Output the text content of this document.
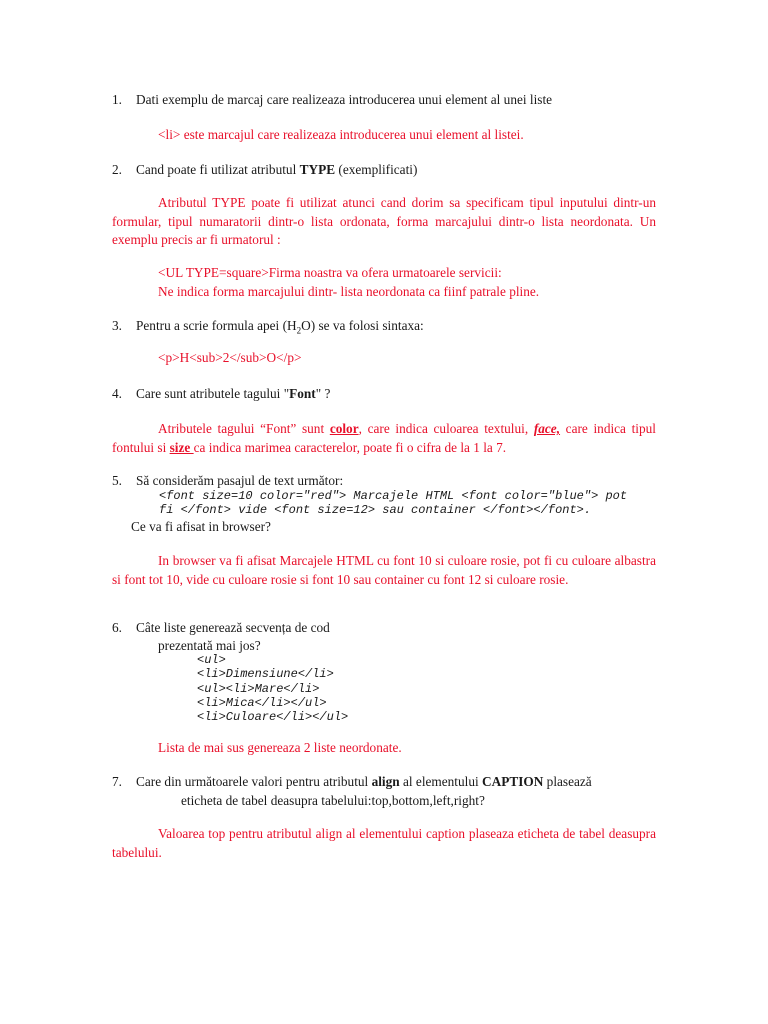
1. Dati exemplu de marcaj care realizeaza introducerea unui element al unei liste
<li> este marcajul care realizeaza introducerea unui element al listei.
2. Cand poate fi utilizat atributul TYPE (exemplificati)
Atributul TYPE poate fi utilizat atunci cand dorim sa specificam tipul inputului dintr-un formular, tipul numaratorii dintr-o lista ordonata, forma marcajului dintr-o lista neordonata. Un exemplu precis ar fi urmatorul :
<UL TYPE=square>Firma noastra va ofera urmatoarele servicii:
Ne indica forma marcajului dintr- lista neordonata ca fiinf patrale pline.
3. Pentru a scrie formula apei $(H_2O)$ se va folosi sintaxa:
<p>H<sub>2</sub>O</p>
4. Care sunt atributele tagului "Font" ?
Atributele tagului “Font” sunt color, care indica culoarea textului, face, care indica tipul fontului si size ca indica marimea caracterelor, poate fi o cifra de la 1 la 7.
5. Să considerăm pasajul de text următor:
<font size=10 color="red"> Marcajele HTML <font color="blue"> pot
fi </font> vide <font size=12> sau container </font></font>.
Ce va fi afisat in browser?
In browser va fi afisat Marcajele HTML cu font 10 si culoare rosie, pot fi cu culoare albastra si font tot 10, vide cu culoare rosie si font 10 sau container cu font 12 si culoare rosie.
6. Câte liste generează secvența de cod
prezentată mai jos?
<ul>
<li>Dimensiune</li>
<ul><li>Mare</li>
<li>Mica</li></ul>
<li>Culoare</li></ul>
Lista de mai sus genereaza 2 liste neordonate.
7. Care din următoarele valori pentru atributul align al elementului CAPTION plasează
eticheta de tabel deasupra tabelului:top,bottom,left,right?
Valoarea top pentru atributul align al elementului caption plaseaza eticheta de tabel deasupra tabelului.
